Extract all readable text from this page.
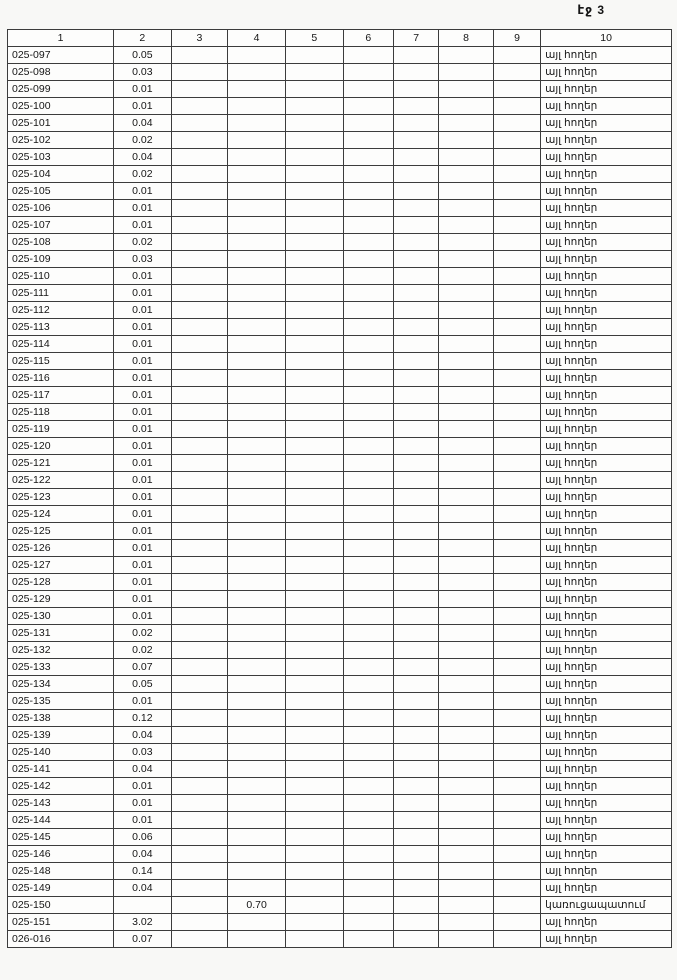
էջ 3
1	2	3	4	5	6	7	8	9	10
025-097	0.05								այլ հողեր
025-098	0.03								այլ հողեր
025-099	0.01								այլ հողեր
025-100	0.01								այլ հողեր
025-101	0.04								այլ հողեր
025-102	0.02								այլ հողեր
025-103	0.04								այլ հողեր
025-104	0.02								այլ հողեր
025-105	0.01								այլ հողեր
025-106	0.01								այլ հողեր
025-107	0.01								այլ հողեր
025-108	0.02								այլ հողեր
025-109	0.03								այլ հողեր
025-110	0.01								այլ հողեր
025-111	0.01								այլ հողեր
025-112	0.01								այլ հողեր
025-113	0.01								այլ հողեր
025-114	0.01								այլ հողեր
025-115	0.01								այլ հողեր
025-116	0.01								այլ հողեր
025-117	0.01								այլ հողեր
025-118	0.01								այլ հողեր
025-119	0.01								այլ հողեր
025-120	0.01								այլ հողեր
025-121	0.01								այլ հողեր
025-122	0.01								այլ հողեր
025-123	0.01								այլ հողեր
025-124	0.01								այլ հողեր
025-125	0.01								այլ հողեր
025-126	0.01								այլ հողեր
025-127	0.01								այլ հողեր
025-128	0.01								այլ հողեր
025-129	0.01								այլ հողեր
025-130	0.01								այլ հողեր
025-131	0.02								այլ հողեր
025-132	0.02								այլ հողեր
025-133	0.07								այլ հողեր
025-134	0.05								այլ հողեր
025-135	0.01								այլ հողեր
025-138	0.12								այլ հողեր
025-139	0.04								այլ հողեր
025-140	0.03								այլ հողեր
025-141	0.04								այլ հողեր
025-142	0.01								այլ հողեր
025-143	0.01								այլ հողեր
025-144	0.01								այլ հողեր
025-145	0.06								այլ հողեր
025-146	0.04								այլ հողեր
025-148	0.14								այլ հողեր
025-149	0.04								այլ հողեր
025-150			0.70						կառուցապատում
025-151	3.02								այլ հողեր
026-016	0.07								այլ հողեր
